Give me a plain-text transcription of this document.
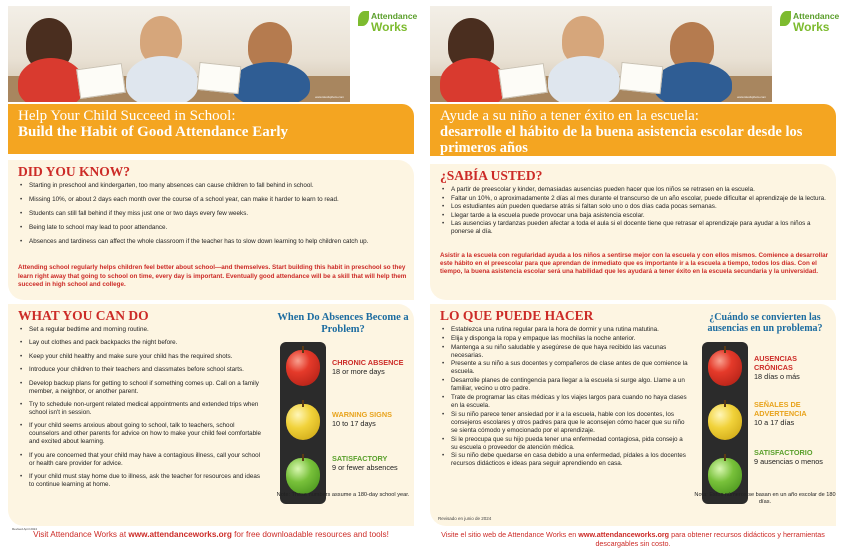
www.istockphoto.com
Attendance
Works
Help Your Child Succeed in School:
Build the Habit of Good Attendance Early
DID YOU KNOW?
• Starting in preschool and kindergarten, too many absences can cause children to fall behind in school.
• Missing 10%, or about 2 days each month over the course of a school year, can make it harder to learn to read.
• Students can still fall behind if they miss just one or two days every few weeks.
• Being late to school may lead to poor attendance.
• Absences and tardiness can affect the whole classroom if the teacher has to slow down learning to help children catch up.
Attending school regularly helps children feel better about school—and themselves. Start building this habit in preschool so they learn right away that going to school on time, every day is important. Eventually good attendance will be a skill that will help them succeed in high school and college.
WHAT YOU CAN DO
• Set a regular bedtime and morning routine.
• Lay out clothes and pack backpacks the night before.
• Keep your child healthy and make sure your child has the required shots.
• Introduce your children to their teachers and classmates before school starts.
• Develop backup plans for getting to school if something comes up. Call on a family member, a neighbor, or another parent.
• Try to schedule non-urgent related medical appointments and extended trips when school isn't in session.
• If your child seems anxious about going to school, talk to teachers, school counselors and other parents for advice on how to make your child feel comfortable and excited about learning.
• If you are concerned that your child may have a contagious illness, call your school or health care provider for advice.
• If your child must stay home due to illness, ask the teacher for resources and ideas to continue learning at home.
When Do Absences Become a Problem?
CHRONIC ABSENCE
18 or more days
WARNING SIGNS
10 to 17 days
SATISFACTORY
9 or fewer absences
Note: These numbers assume a 180-day school year.
Revised April 2024
Visit Attendance Works at www.attendanceworks.org for free downloadable resources and tools!
www.istockphoto.com
Attendance
Works
Ayude a su niño a tener éxito en la escuela:
desarrolle el hábito de la buena asistencia escolar desde los primeros años
¿SABÍA USTED?
• A partir de preescolar y kinder, demasiadas ausencias pueden hacer que los niños se retrasen en la escuela.
• Faltar un 10%, o aproximadamente 2 días al mes durante el transcurso de un año escolar, puede dificultar el aprendizaje de la lectura.
• Los estudiantes aún pueden quedarse atrás si faltan solo uno o dos días cada pocas semanas.
• Llegar tarde a la escuela puede provocar una baja asistencia escolar.
• Las ausencias y tardanzas pueden afectar a toda el aula si el docente tiene que retrasar el aprendizaje para ayudar a los niños a ponerse al día.
Asistir a la escuela con regularidad ayuda a los niños a sentirse mejor con la escuela y con ellos mismos. Comience a desarrollar este hábito en el preescolar para que aprendan de inmediato que es importante ir a la escuela a tiempo, todos los días. Con el tiempo, la buena asistencia escolar será una habilidad que les ayudará a tener éxito en la escuela secundaria y la universidad.
LO QUE PUEDE HACER
• Establezca una rutina regular para la hora de dormir y una rutina matutina.
• Elija y disponga la ropa y empaque las mochilas la noche anterior.
• Mantenga a su niño saludable y asegúrese de que haya recibido las vacunas necesarias.
• Presente a su niño a sus docentes y compañeros de clase antes de que comience la escuela.
• Desarrolle planes de contingencia para llegar a la escuela si surge algo. Llame a un familiar, vecino u otro padre.
• Trate de programar las citas médicas y los viajes largos para cuando no haya clases en la escuela.
• Si su niño parece tener ansiedad por ir a la escuela, hable con los docentes, los consejeros escolares y otros padres para que le aconsejen cómo hacer que su niño se sienta cómodo y emocionado por el aprendizaje.
• Si le preocupa que su hijo pueda tener una enfermedad contagiosa, pida consejo a su escuela o proveedor de atención médica.
• Si su niño debe quedarse en casa debido a una enfermedad, pídales a los docentes recursos didácticos e ideas para seguir aprendiendo en casa.
¿Cuándo se convierten las ausencias en un problema?
AUSENCIAS CRÓNICAS
18 días o más
SEÑALES DE ADVERTENCIA
10 a 17 días
SATISFACTORIO
9 ausencias o menos
Nota: Estos números se basan en un año escolar de 180 días.
Revisado en junio de 2024
Visite el sitio web de Attendance Works en www.attendanceworks.org para obtener recursos didácticos y herramientas descargables sin costo.
